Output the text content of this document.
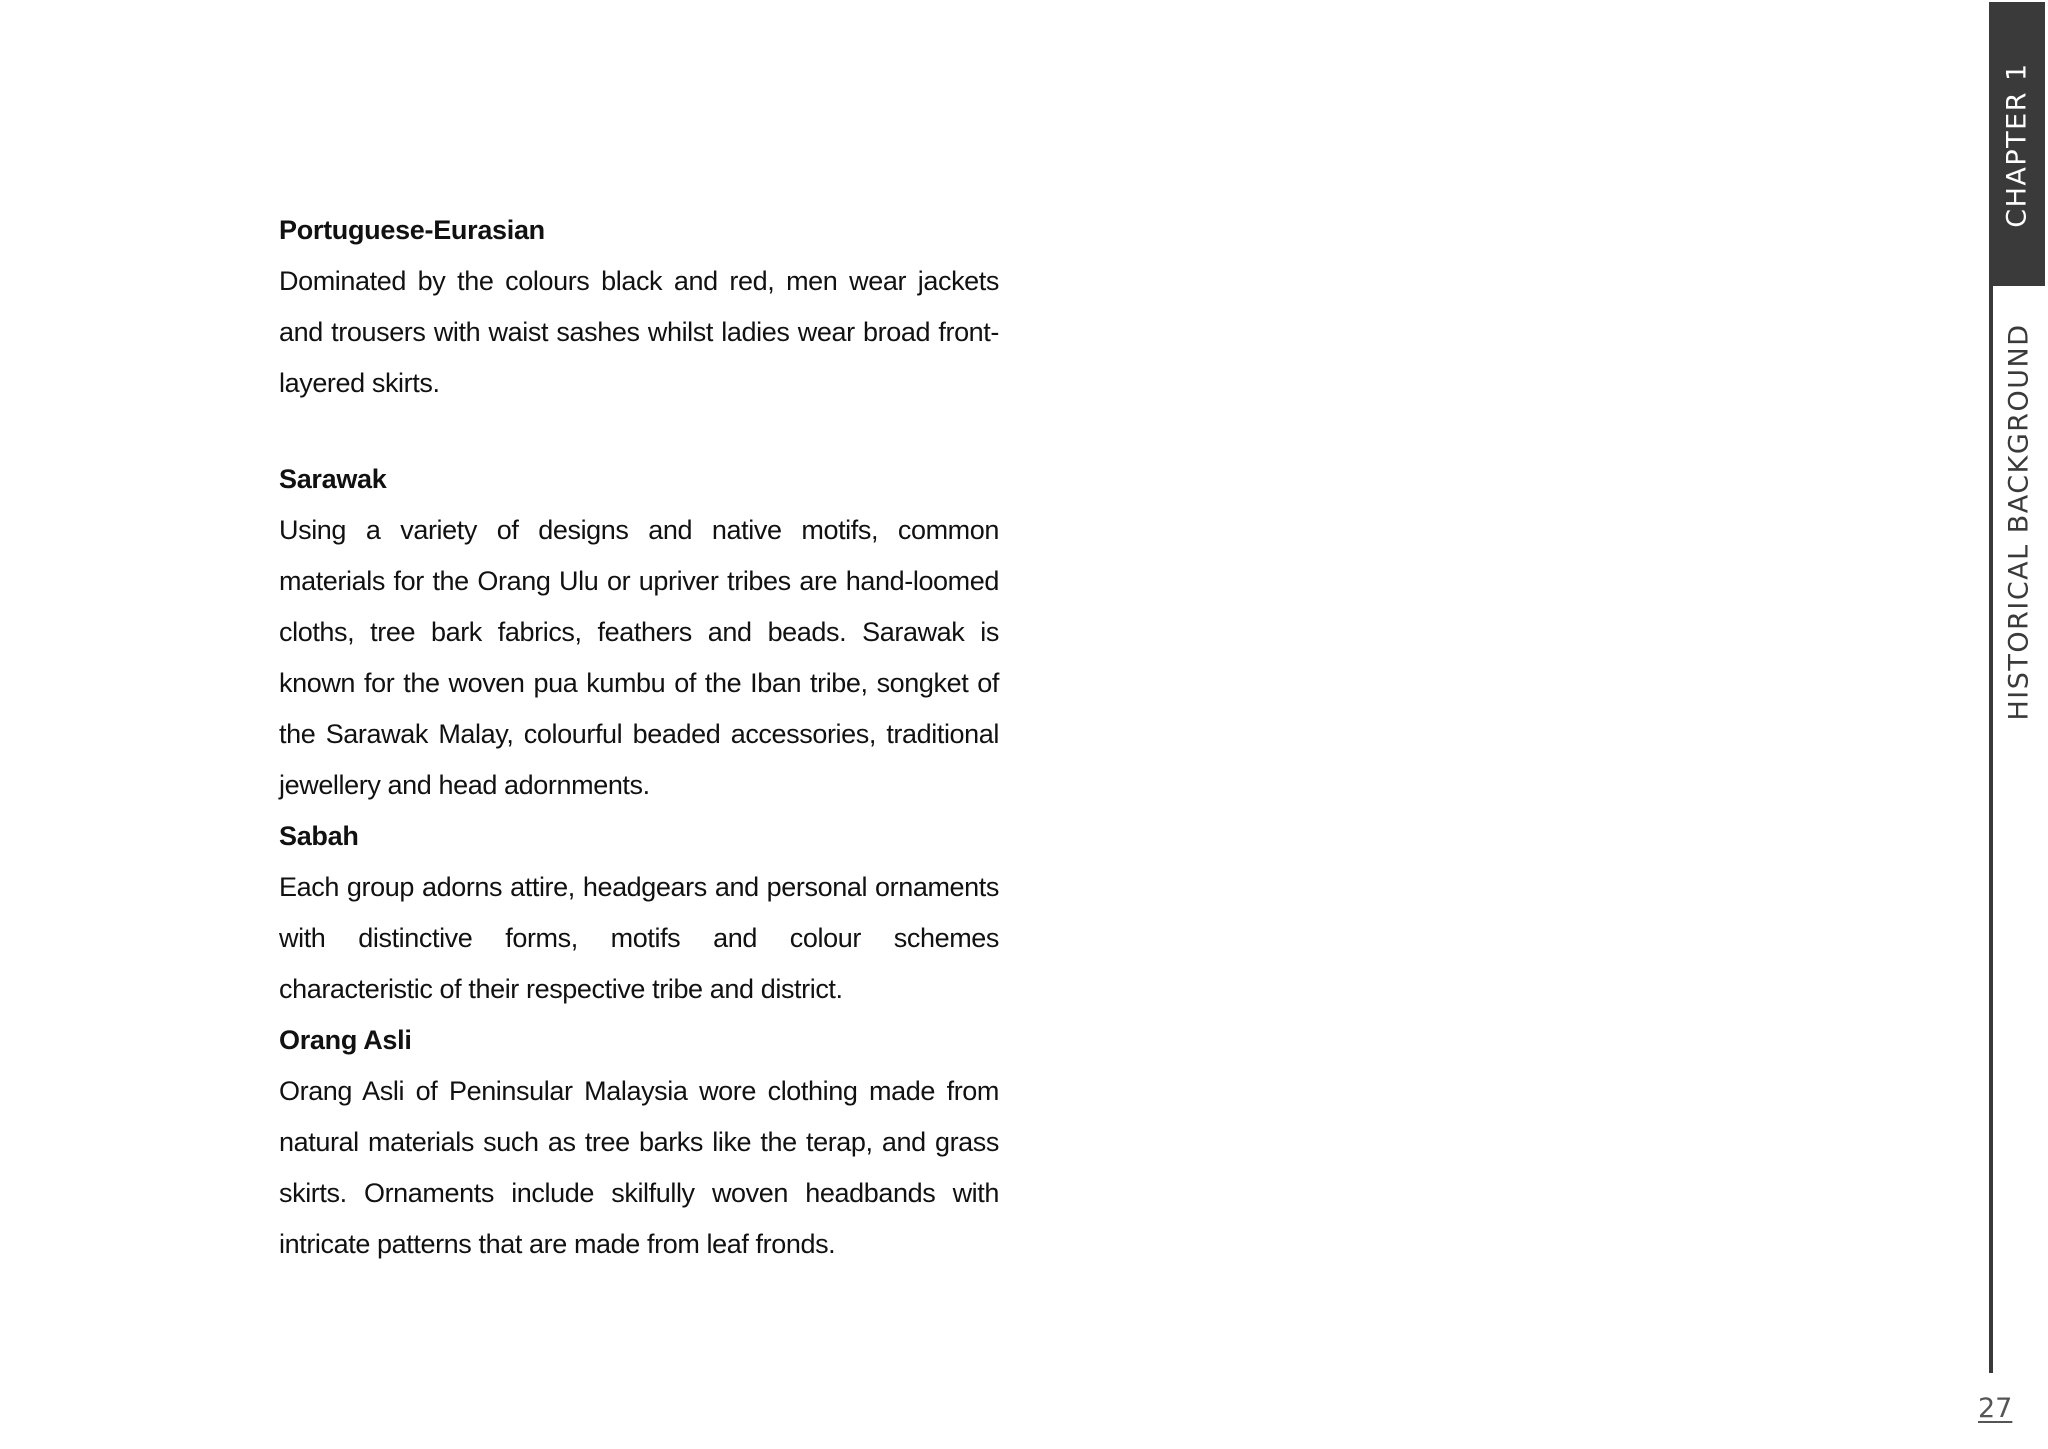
Portuguese-Eurasian

Dominated by the colours black and red, men wear jackets and trousers with waist sashes whilst ladies wear broad front-layered skirts.

Sarawak

Using a variety of designs and native motifs, common materials for the Orang Ulu or upriver tribes are hand-loomed cloths, tree bark fabrics, feathers and beads. Sarawak is known for the woven pua kumbu of the Iban tribe, songket of the Sarawak Malay, colourful beaded accessories, traditional jewellery and head adornments.

Sabah

Each group adorns attire, headgears and personal ornaments with distinctive forms, motifs and colour schemes characteristic of their respective tribe and district.

Orang Asli

Orang Asli of Peninsular Malaysia wore clothing made from natural materials such as tree barks like the terap, and grass skirts. Ornaments include skilfully woven headbands with intricate patterns that are made from leaf fronds.

CHAPTER 1
HISTORICAL BACKGROUND
27
